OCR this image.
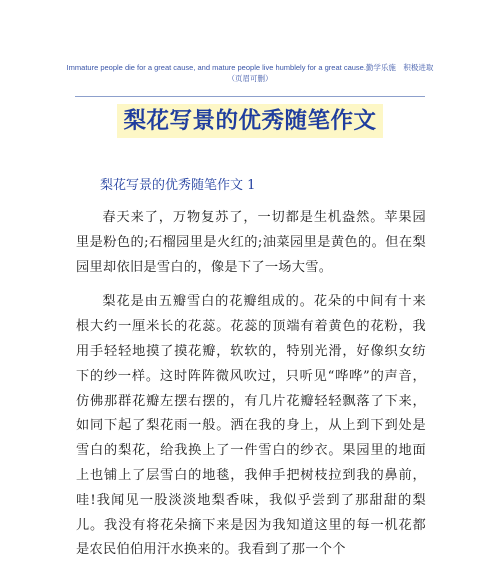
Immature people die for a great cause, and mature people live humblely for a great cause.勤学乐施　积极进取
（页眉可删）
梨花写景的优秀随笔作文
梨花写景的优秀随笔作文 1

春天来了，万物复苏了，一切都是生机盎然。苹果园里是粉色的;石榴园里是火红的;油菜园里是黄色的。但在梨园里却依旧是雪白的，像是下了一场大雪。

梨花是由五瓣雪白的花瓣组成的。花朵的中间有十来根大约一厘米长的花蕊。花蕊的顶端有着黄色的花粉，我用手轻轻地摸了摸花瓣，软软的，特别光滑，好像织女纺下的纱一样。这时阵阵微风吹过，只听见“哗哗”的声音，仿佛那群花瓣左摆右摆的，有几片花瓣轻轻飘落了下来，如同下起了梨花雨一般。洒在我的身上，从上到下到处是雪白的梨花，给我换上了一件雪白的纱衣。果园里的地面上也铺上了层雪白的地毯，我伸手把树枝拉到我的鼻前，哇!我闻见一股淡淡地梨香味，我似乎尝到了那甜甜的梨儿。我没有将花朵摘下来是因为我知道这里的每一机花都是农民伯伯用汗水换来的。我看到了那一个个
